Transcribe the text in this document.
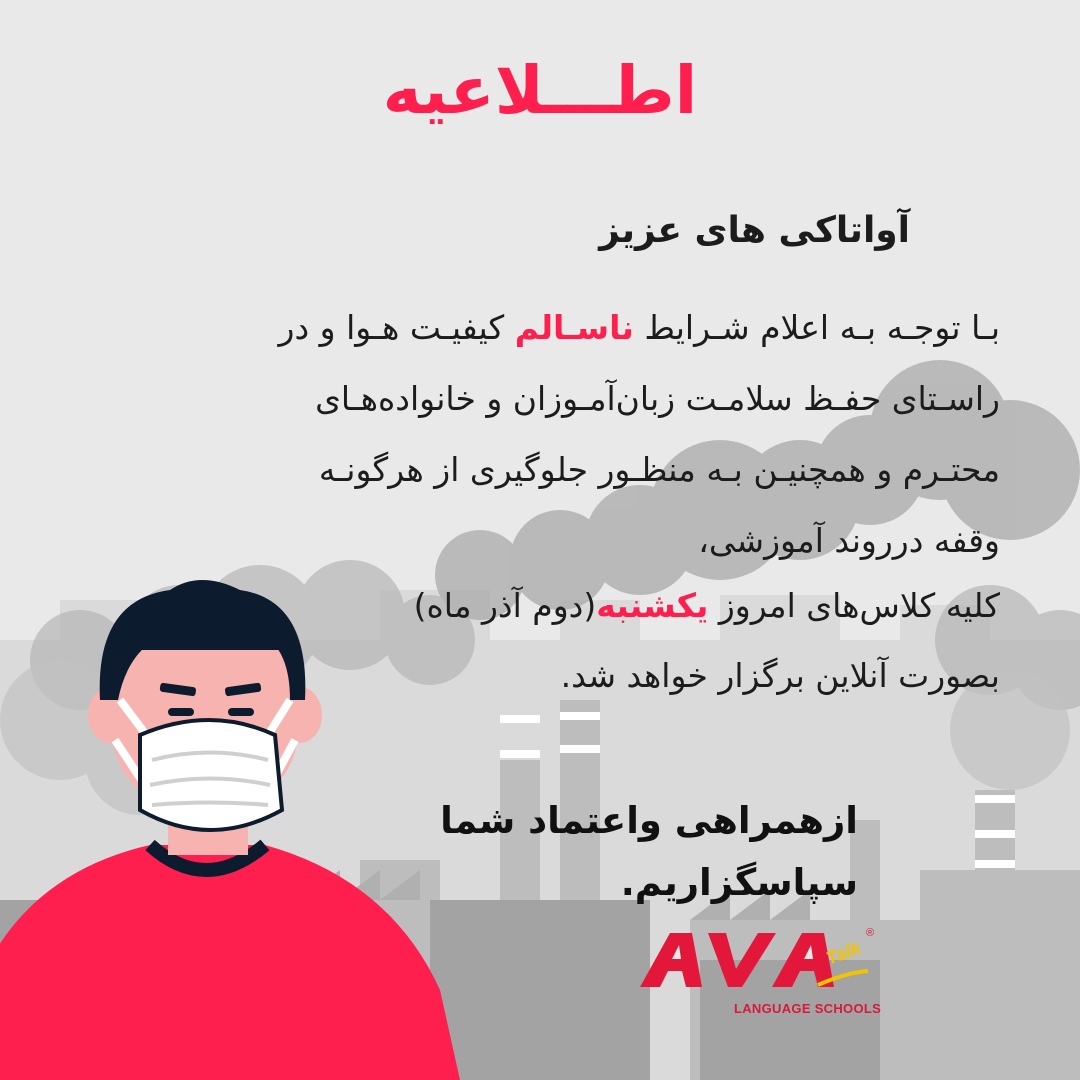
اطـــلاعیه
آواتاکی های عزیز
بـا توجـه بـه اعلام شـرایط ناسـالم کیفیـت هـوا و در
راسـتای حفـظ سلامـت زبان‌آمـوزان و خانواده‌هـای
محتـرم و همچنیـن بـه منظـور جلوگیری از هرگونـه
وقفه درروند آموزشی،
کلیه کلاس‌های امروز یکشنبه(دوم آذر ماه)
بصورت آنلاین برگزار خواهد شد.
ازهمراهی واعتماد شما
سپاسگزاریم.
Talk
®
LANGUAGE SCHOOLS
